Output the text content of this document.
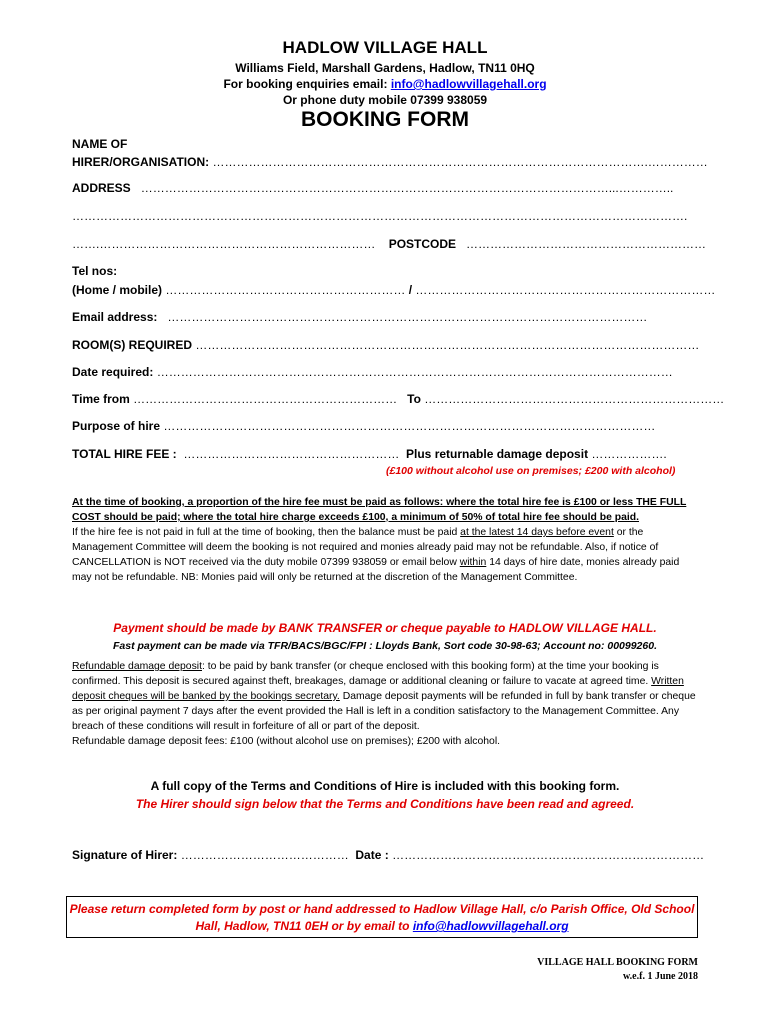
HADLOW VILLAGE HALL
Williams Field, Marshall Gardens, Hadlow, TN11 0HQ
For booking enquiries email: info@hadlowvillagehall.org
Or phone duty mobile 07399 938059
BOOKING FORM
NAME OF
HIRER/ORGANISATION: ……………………………………………………………………………………………….……………
ADDRESS ………………………………………………………………………………………………………...…………..
……………………………………………………………………………………………………………………………………….
…….…………………………………………………………… POSTCODE ……………………………………………………
Tel nos:
(Home / mobile) …………………………………………………… / …………………………………………………………………
Email address: …………………………………………………………………………………………………………
ROOM(S) REQUIRED ………………………………………………………………………………………………………………
Date required: …………………………………………………………………………………………………………………
Time from ………………………………………………………… To …………………………………………………………………
Purpose of hire ……………………………………………………………………………………………………………
TOTAL HIRE FEE : ……………………………………………… Plus returnable damage deposit ……………….
(£100 without alcohol use on premises; £200 with alcohol)
At the time of booking, a proportion of the hire fee must be paid as follows: where the total hire fee is £100 or less THE FULL COST should be paid; where the total hire charge exceeds £100, a minimum of 50% of total hire fee should be paid.
If the hire fee is not paid in full at the time of booking, then the balance must be paid at the latest 14 days before event or the Management Committee will deem the booking is not required and monies already paid may not be refundable. Also, if notice of CANCELLATION is NOT received via the duty mobile 07399 938059 or email below within 14 days of hire date, monies already paid may not be refundable. NB: Monies paid will only be returned at the discretion of the Management Committee.
Payment should be made by BANK TRANSFER or cheque payable to HADLOW VILLAGE HALL.
Fast payment can be made via TFR/BACS/BGC/FPI : Lloyds Bank, Sort code 30-98-63; Account no: 00099260.
Refundable damage deposit: to be paid by bank transfer (or cheque enclosed with this booking form) at the time your booking is confirmed. This deposit is secured against theft, breakages, damage or additional cleaning or failure to vacate at agreed time. Written deposit cheques will be banked by the bookings secretary. Damage deposit payments will be refunded in full by bank transfer or cheque as per original payment 7 days after the event provided the Hall is left in a condition satisfactory to the Management Committee. Any breach of these conditions will result in forfeiture of all or part of the deposit.
Refundable damage deposit fees: £100 (without alcohol use on premises); £200 with alcohol.
A full copy of the Terms and Conditions of Hire is included with this booking form.
The Hirer should sign below that the Terms and Conditions have been read and agreed.
Signature of Hirer: …………………………………… Date : ……………………………………………………………………
Please return completed form by post or hand addressed to Hadlow Village Hall, c/o Parish Office, Old School Hall, Hadlow, TN11 0EH or by email to info@hadlowvillagehall.org
VILLAGE HALL BOOKING FORM
w.e.f. 1 June 2018
